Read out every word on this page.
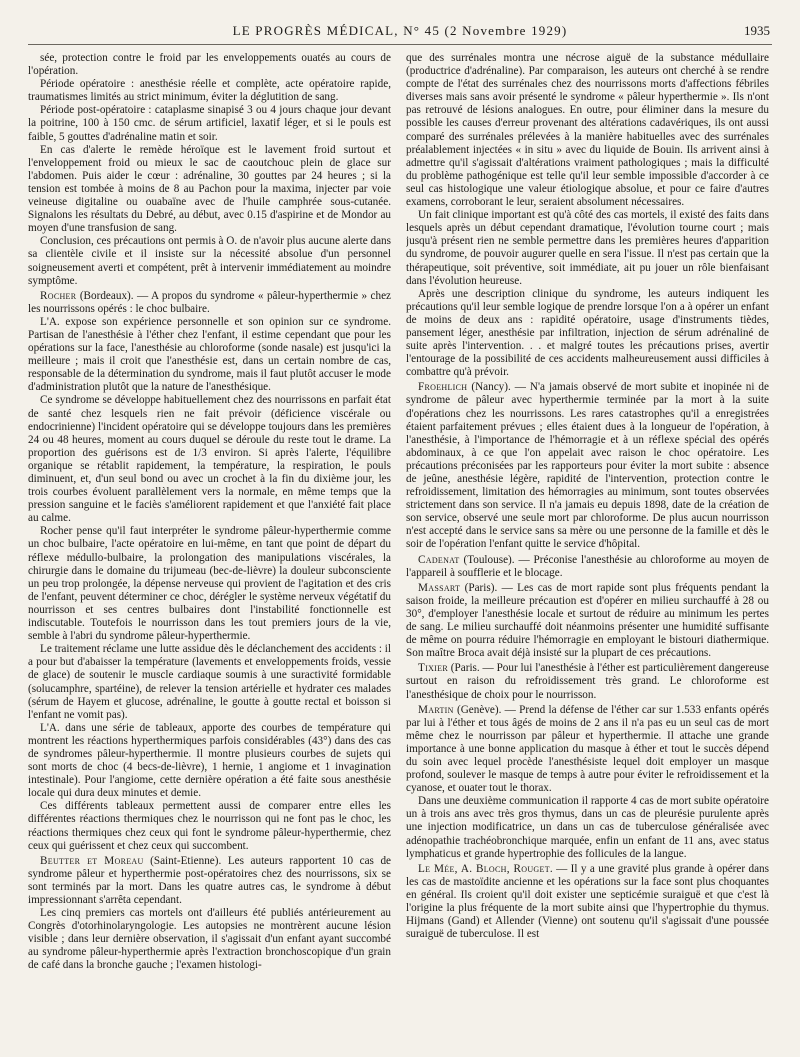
LE PROGRÈS MÉDICAL, N° 45 (2 Novembre 1929)	1935

sée, protection contre le froid par les enveloppements ouatés au cours de l'opération.

Période opératoire : anesthésie réelle et complète, acte opératoire rapide, traumatismes limités au strict minimum, éviter la déglutition de sang.

Période post-opératoire : cataplasme sinapisé 3 ou 4 jours chaque jour devant la poitrine, 100 à 150 cmc. de sérum artificiel, laxatif léger, et si le pouls est faible, 5 gouttes d'adrénaline matin et soir.

En cas d'alerte le remède héroïque est le lavement froid surtout et l'enveloppement froid ou mieux le sac de caoutchouc plein de glace sur l'abdomen. Puis aider le cœur : adrénaline, 30 gouttes par 24 heures ; si la tension est tombée à moins de 8 au Pachon pour la maxima, injecter par voie veineuse digitaline ou ouabaïne avec de l'huile camphrée sous-cutanée. Signalons les résultats du Debré, au début, avec 0.15 d'aspirine et de Mondor au moyen d'une transfusion de sang.

Conclusion, ces précautions ont permis à O. de n'avoir plus aucune alerte dans sa clientèle civile et il insiste sur la nécessité absolue d'un personnel soigneusement averti et compétent, prêt à intervenir immédiatement au moindre symptôme.

Rocher (Bordeaux). — A propos du syndrome « pâleur-hyperthermie » chez les nourrissons opérés : le choc bulbaire.

L'A. expose son expérience personnelle et son opinion sur ce syndrome. Partisan de l'anesthésie à l'éther chez l'enfant, il estime cependant que pour les opérations sur la face, l'anesthésie au chloroforme (sonde nasale) est jusqu'ici la meilleure ; mais il croit que l'anesthésie est, dans un certain nombre de cas, responsable de la détermination du syndrome, mais il faut plutôt accuser le mode d'administration plutôt que la nature de l'anesthésique.

Ce syndrome se développe habituellement chez des nourrissons en parfait état de santé chez lesquels rien ne fait prévoir (déficience viscérale ou endocrinienne) l'incident opératoire qui se développe toujours dans les premières 24 ou 48 heures, moment au cours duquel se déroule du reste tout le drame. La proportion des guérisons est de 1/3 environ. Si après l'alerte, l'équilibre organique se rétablit rapidement, la température, la respiration, le pouls diminuent, et, d'un seul bond ou avec un crochet à la fin du dixième jour, les trois courbes évoluent parallèlement vers la normale, en même temps que la pression sanguine et le faciès s'améliorent rapidement et que l'anxiété fait place au calme.

Rocher pense qu'il faut interpréter le syndrome pâleur-hyperthermie comme un choc bulbaire, l'acte opératoire en lui-même, en tant que point de départ du réflexe médullo-bulbaire, la prolongation des manipulations viscérales, la chirurgie dans le domaine du trijumeau (bec-de-lièvre) la douleur subconsciente un peu trop prolongée, la dépense nerveuse qui provient de l'agitation et des cris de l'enfant, peuvent déterminer ce choc, dérégler le système nerveux végétatif du nourrisson et ses centres bulbaires dont l'instabilité fonctionnelle est indiscutable. Toutefois le nourrisson dans les tout premiers jours de la vie, semble à l'abri du syndrome pâleur-hyperthermie.

Le traitement réclame une lutte assidue dès le déclanchement des accidents : il a pour but d'abaisser la température (lavements et enveloppements froids, vessie de glace) de soutenir le muscle cardiaque soumis à une suractivité formidable (solucamphre, spartéine), de relever la tension artérielle et hydrater ces malades (sérum de Hayem et glucose, adrénaline, le goutte à goutte rectal et boisson si l'enfant ne vomit pas).

L'A. dans une série de tableaux, apporte des courbes de température qui montrent les réactions hyperthermiques parfois considérables (43°) dans des cas de syndromes pâleur-hyperthermie. Il montre plusieurs courbes de sujets qui sont morts de choc (4 becs-de-lièvre), 1 hernie, 1 angiome et 1 invagination intestinale). Pour l'angiome, cette dernière opération a été faite sous anesthésie locale qui dura deux minutes et demie.

Ces différents tableaux permettent aussi de comparer entre elles les différentes réactions thermiques chez le nourrisson qui ne font pas le choc, les réactions thermiques chez ceux qui font le syndrome pâleur-hyperthermie, chez ceux qui guérissent et chez ceux qui succombent.

Beutter et Moreau (Saint-Etienne). Les auteurs rapportent 10 cas de syndrome pâleur et hyperthermie post-opératoires chez des nourrissons, six se sont terminés par la mort. Dans les quatre autres cas, le syndrome à début impressionnant s'arrêta cependant.

Les cinq premiers cas mortels ont d'ailleurs été publiés antérieurement au Congrès d'otorhinolaryngologie. Les autopsies ne montrèrent aucune lésion visible ; dans leur dernière observation, il s'agissait d'un enfant ayant succombé au syndrome pâleur-hyperthermie après l'extraction bronchoscopique d'un grain de café dans la bronche gauche ; l'examen histologi-

que des surrénales montra une nécrose aiguë de la substance médullaire (productrice d'adrénaline). Par comparaison, les auteurs ont cherché à se rendre compte de l'état des surrénales chez des nourrissons morts d'affections fébriles diverses mais sans avoir présenté le syndrome « pâleur hyperthermie ». Ils n'ont pas retrouvé de lésions analogues. En outre, pour éliminer dans la mesure du possible les causes d'erreur provenant des altérations cadavériques, ils ont aussi comparé des surrénales prélevées à la manière habituelles avec des surrénales préalablement injectées « in situ » avec du liquide de Bouin. Ils arrivent ainsi à admettre qu'il s'agissait d'altérations vraiment pathologiques ; mais la difficulté du problème pathogénique est telle qu'il leur semble impossible d'accorder à ce seul cas histologique une valeur étiologique absolue, et pour ce faire d'autres examens, corroborant le leur, seraient absolument nécessaires.

Un fait clinique important est qu'à côté des cas mortels, il existé des faits dans lesquels après un début cependant dramatique, l'évolution tourne court ; mais jusqu'à présent rien ne semble permettre dans les premières heures d'apparition du syndrome, de pouvoir augurer quelle en sera l'issue. Il n'est pas certain que la thérapeutique, soit préventive, soit immédiate, ait pu jouer un rôle bienfaisant dans l'évolution heureuse.

Après une description clinique du syndrome, les auteurs indiquent les précautions qu'il leur semble logique de prendre lorsque l'on a à opérer un enfant de moins de deux ans : rapidité opératoire, usage d'instruments tièdes, pansement léger, anesthésie par infiltration, injection de sérum adrénaliné de suite après l'intervention. . . et malgré toutes les précautions prises, avertir l'entourage de la possibilité de ces accidents malheureusement aussi difficiles à combattre qu'à prévoir.

Froehlich (Nancy). — N'a jamais observé de mort subite et inopinée ni de syndrome de pâleur avec hyperthermie terminée par la mort à la suite d'opérations chez les nourrissons. Les rares catastrophes qu'il a enregistrées étaient parfaitement prévues ; elles étaient dues à la longueur de l'opération, à l'anesthésie, à l'importance de l'hémorragie et à un réflexe spécial des opérés abdominaux, à ce que l'on appelait avec raison le choc opératoire. Les précautions préconisées par les rapporteurs pour éviter la mort subite : absence de jeûne, anesthésie légère, rapidité de l'intervention, protection contre le refroidissement, limitation des hémorragies au minimum, sont toutes observées strictement dans son service. Il n'a jamais eu depuis 1898, date de la création de son service, observé une seule mort par chloroforme. De plus aucun nourrisson n'est accepté dans le service sans sa mère ou une personne de la famille et dès le soir de l'opération l'enfant quitte le service d'hôpital.

Cadenat (Toulouse). — Préconise l'anesthésie au chloroforme au moyen de l'appareil à soufflerie et le blocage.

Massart (Paris). — Les cas de mort rapide sont plus fréquents pendant la saison froide, la meilleure précaution est d'opérer en milieu surchauffé à 28 ou 30°, d'employer l'anesthésie locale et surtout de réduire au minimum les pertes de sang. Le milieu surchauffé doit néanmoins présenter une humidité suffisante de même on pourra réduire l'hémorragie en employant le bistouri diathermique. Son maître Broca avait déjà insisté sur la plupart de ces précautions.

Tixier (Paris. — Pour lui l'anesthésie à l'éther est particulièrement dangereuse surtout en raison du refroidissement très grand. Le chloroforme est l'anesthésique de choix pour le nourrisson.

Martin (Genève). — Prend la défense de l'éther car sur 1.533 enfants opérés par lui à l'éther et tous âgés de moins de 2 ans il n'a pas eu un seul cas de mort même chez le nourrisson par pâleur et hyperthermie. Il attache une grande importance à une bonne application du masque à éther et tout le succès dépend du soin avec lequel procède l'anesthésiste lequel doit employer un masque profond, soulever le masque de temps à autre pour éviter le refroidissement et la cyanose, et ouater tout le thorax.

Dans une deuxième communication il rapporte 4 cas de mort subite opératoire un à trois ans avec très gros thymus, dans un cas de pleurésie purulente après une injection modificatrice, un dans un cas de tuberculose généralisée avec adénopathie trachéobronchique marquée, enfin un enfant de 11 ans, avec status lymphaticus et grande hypertrophie des follicules de la langue.

Le Mée, A. Bloch, Rouget. — Il y a une gravité plus grande à opérer dans les cas de mastoïdite ancienne et les opérations sur la face sont plus choquantes en général. Ils croient qu'il doit exister une septicémie suraiguë et que c'est là l'origine la plus fréquente de la mort subite ainsi que l'hypertrophie du thymus. Hijmans (Gand) et Allender (Vienne) ont soutenu qu'il s'agissait d'une poussée suraiguë de tuberculose. Il est
